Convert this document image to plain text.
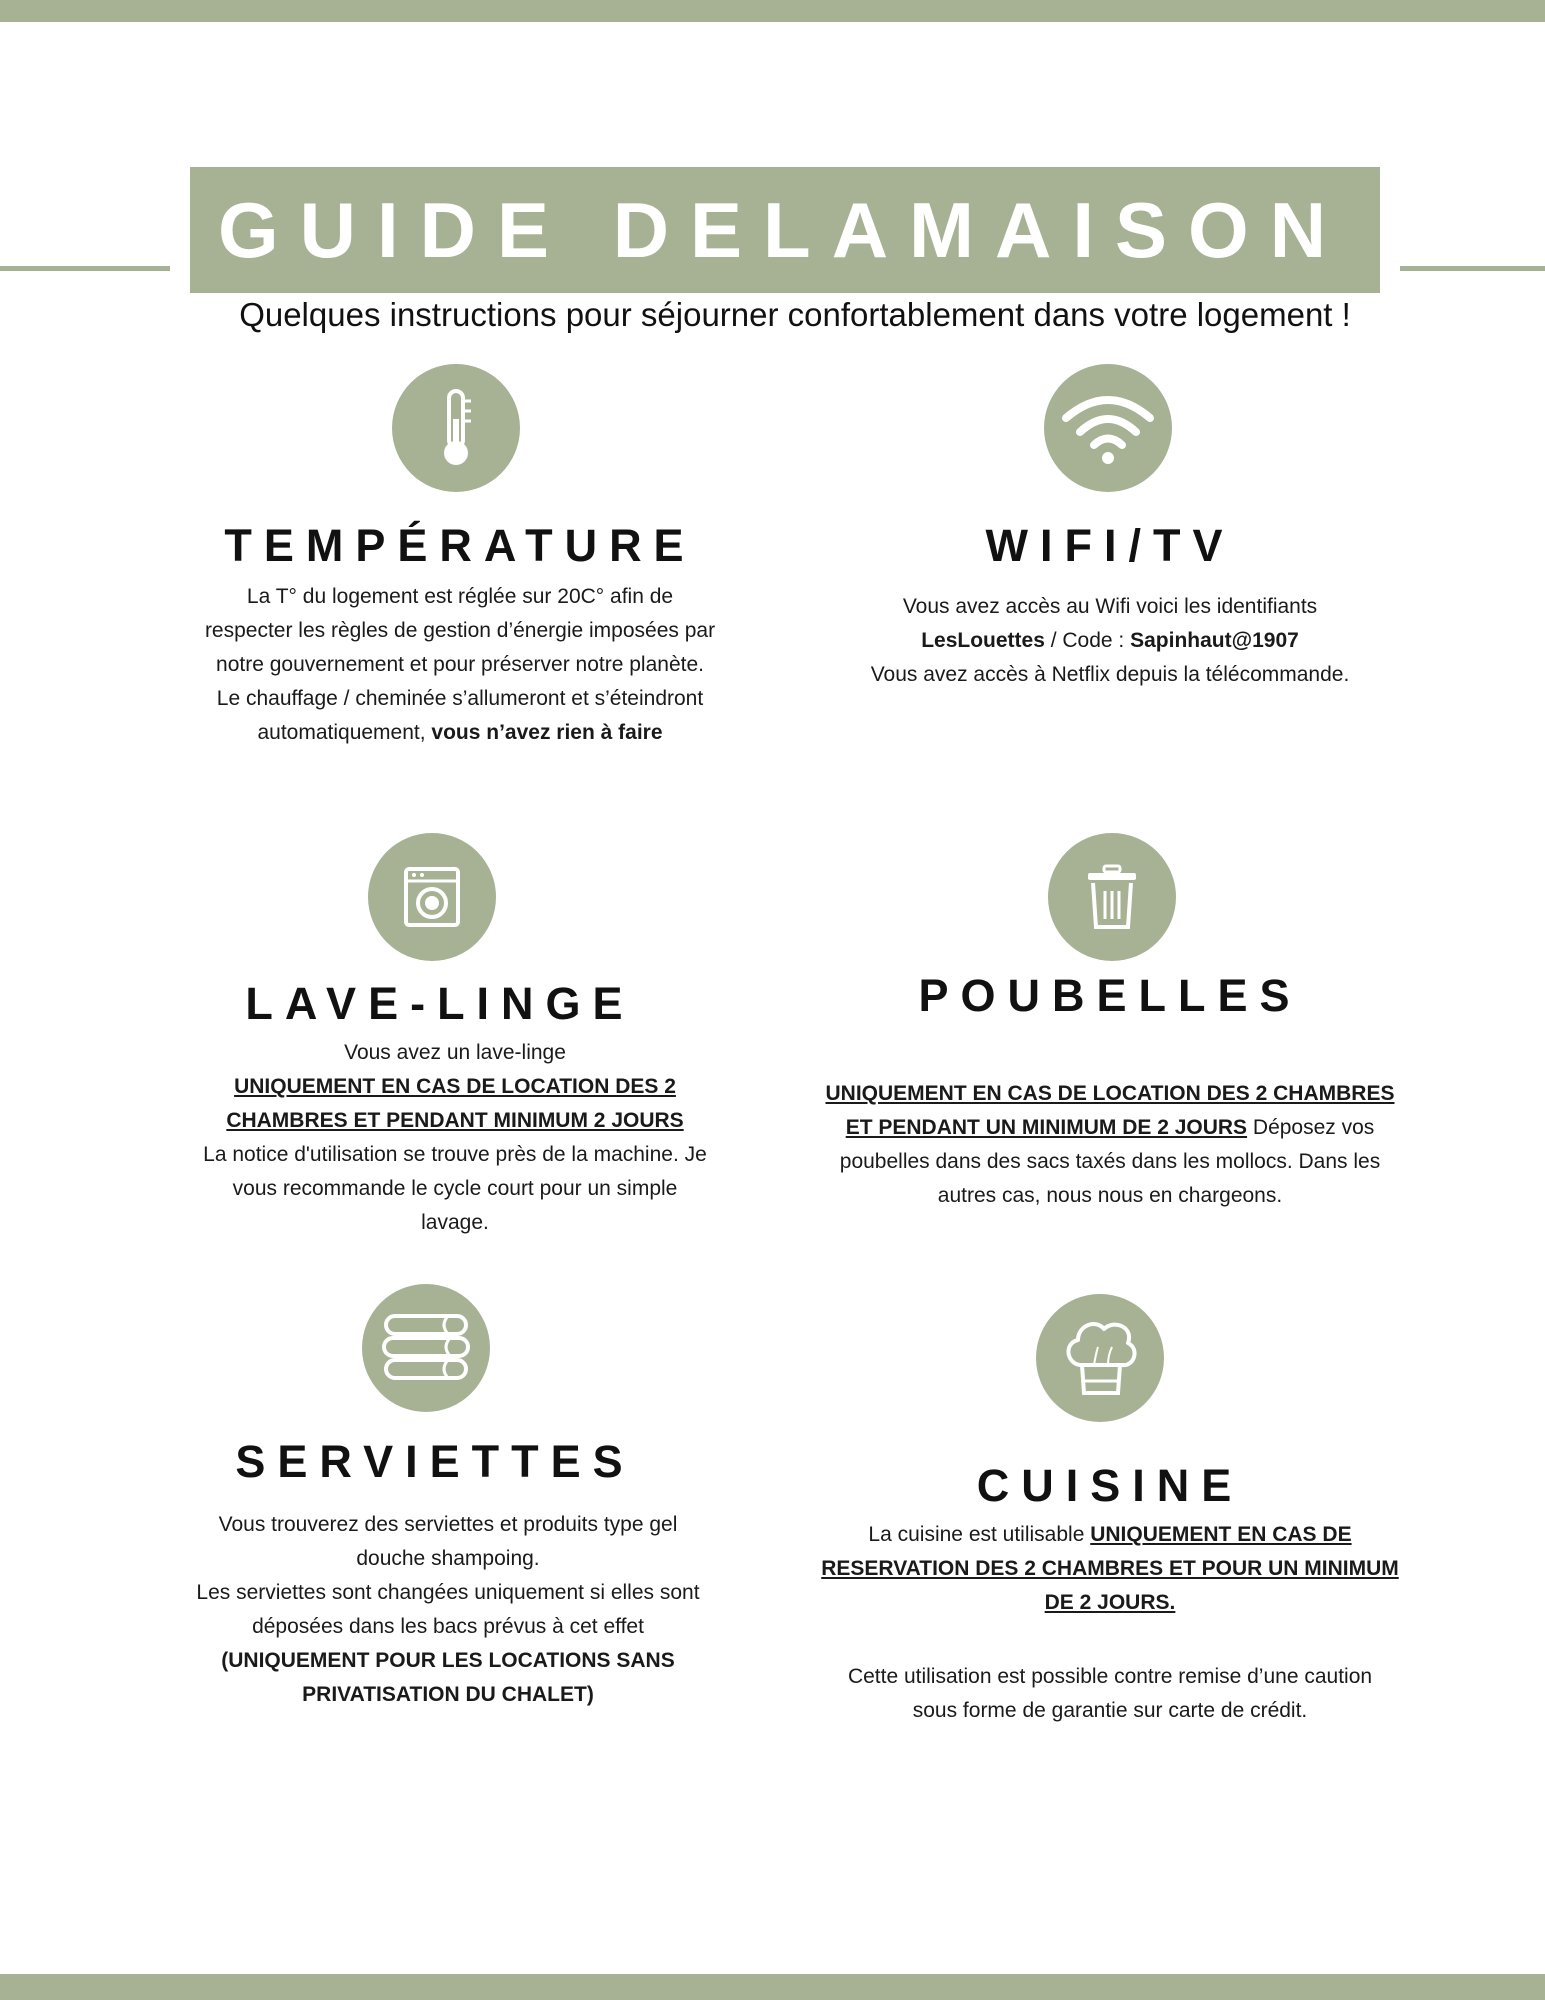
GUIDE DELAMAISON
Quelques instructions pour séjourner confortablement dans votre logement !
TEMPÉRATURE

La T° du logement est réglée sur 20C° afin de

respecter les règles de gestion d’énergie imposées par

notre gouvernement et pour préserver notre planète.

Le chauffage / cheminée s’allumeront et s’éteindront

automatiquement, vous n’avez rien à faire

WIFI/TV

Vous avez accès au Wifi voici les identifiants

LesLouettes / Code : Sapinhaut@1907

Vous avez accès à Netflix depuis la télécommande.

LAVE-LINGE

Vous avez un lave-linge

UNIQUEMENT EN CAS DE LOCATION DES 2

CHAMBRES ET PENDANT MINIMUM 2 JOURS

La notice d'utilisation se trouve près de la machine. Je

vous recommande le cycle court pour un simple

lavage.

POUBELLES

UNIQUEMENT EN CAS DE LOCATION DES 2 CHAMBRES

ET PENDANT UN MINIMUM DE 2 JOURS Déposez vos

poubelles dans des sacs taxés dans les mollocs. Dans les

autres cas, nous nous en chargeons.

SERVIETTES

Vous trouverez des serviettes et produits type gel

douche shampoing.

Les serviettes sont changées uniquement si elles sont

déposées dans les bacs prévus à cet effet

(UNIQUEMENT POUR LES LOCATIONS SANS

PRIVATISATION DU CHALET)

CUISINE

La cuisine est utilisable UNIQUEMENT EN CAS DE

RESERVATION DES 2 CHAMBRES ET POUR UN MINIMUM

DE 2 JOURS.

Cette utilisation est possible contre remise d’une caution

sous forme de garantie sur carte de crédit.
